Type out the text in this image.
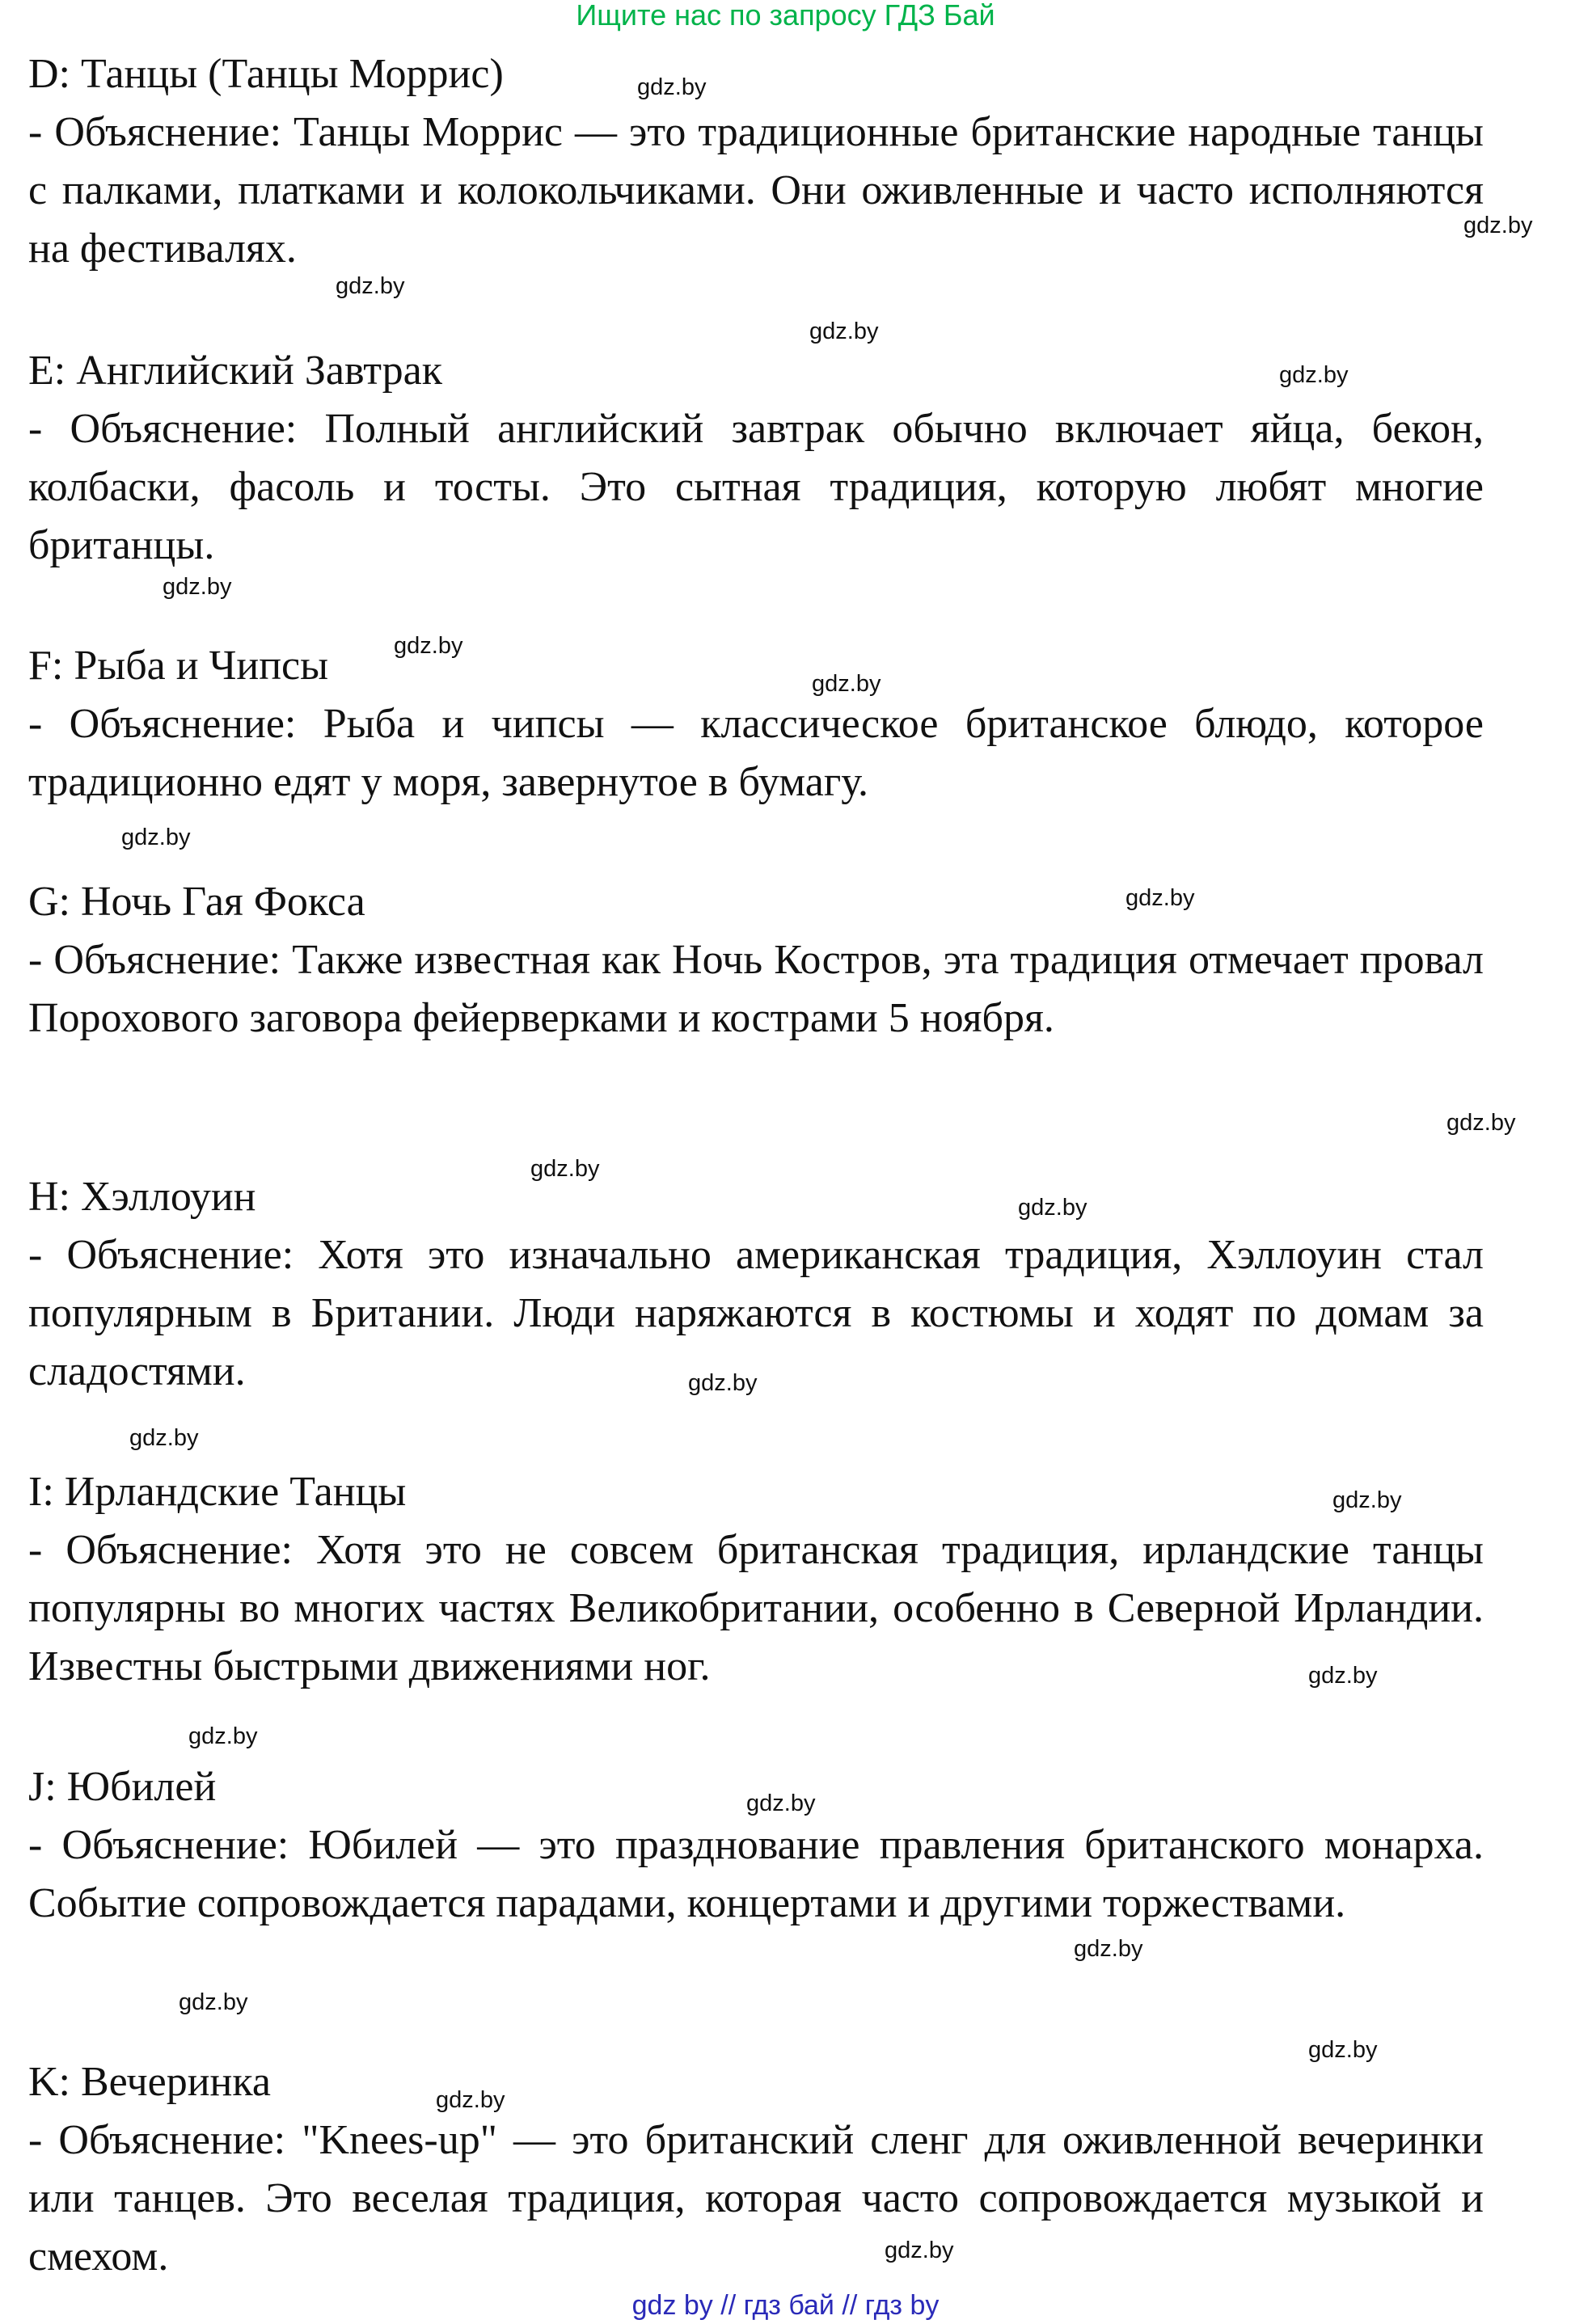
Ищите нас по запросу ГДЗ Бай

D: Танцы (Танцы Моррис)

- Объяснение: Танцы Моррис — это традиционные британские народные танцы с палками, платками и колокольчиками. Они оживленные и часто исполняются на фестивалях.

E: Английский Завтрак

- Объяснение: Полный английский завтрак обычно включает яйца, бекон, колбаски, фасоль и тосты. Это сытная традиция, которую любят многие британцы.

F: Рыба и Чипсы

- Объяснение: Рыба и чипсы — классическое британское блюдо, которое традиционно едят у моря, завернутое в бумагу.

G: Ночь Гая Фокса

- Объяснение: Также известная как Ночь Костров, эта традиция отмечает провал Порохового заговора фейерверками и кострами 5 ноября.

H: Хэллоуин

- Объяснение: Хотя это изначально американская традиция, Хэллоуин стал популярным в Британии. Люди наряжаются в костюмы и ходят по домам за сладостями.

I: Ирландские Танцы

- Объяснение: Хотя это не совсем британская традиция, ирландские танцы популярны во многих частях Великобритании, особенно в Северной Ирландии. Известны быстрыми движениями ног.

J: Юбилей

- Объяснение: Юбилей — это празднование правления британского монарха. Событие сопровождается парадами, концертами и другими торжествами.

K: Вечеринка

- Объяснение: "Knees-up" — это британский сленг для оживленной вечеринки или танцев. Это веселая традиция, которая часто сопровождается музыкой и смехом.

gdz.by
gdz.by
gdz.by
gdz.by
gdz.by
gdz.by
gdz.by
gdz.by
gdz.by
gdz.by
gdz.by
gdz.by
gdz.by
gdz.by
gdz.by
gdz.by
gdz.by
gdz.by
gdz.by
gdz.by
gdz.by
gdz.by
gdz.by
gdz.by
gdz by // гдз бай // гдз by
